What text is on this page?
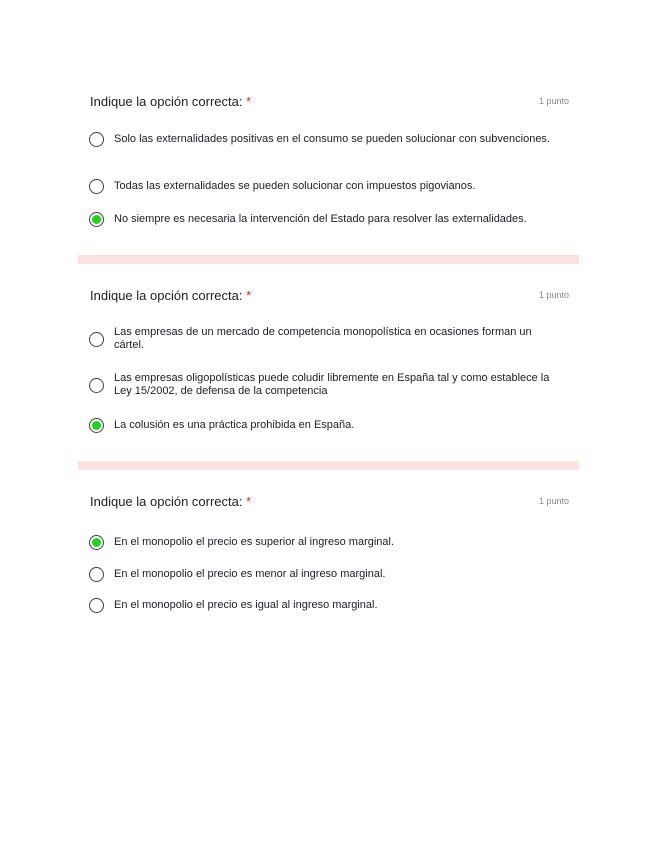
Indique la opción correcta: *	1 punto
Solo las externalidades positivas en el consumo se pueden solucionar con subvenciones.
Todas las externalidades se pueden solucionar con impuestos pigovianos.
No siempre es necesaria la intervención del Estado para resolver las externalidades.
Indique la opción correcta: *	1 punto
Las empresas de un mercado de competencia monopolística en ocasiones forman un cártel.
Las empresas oligopolísticas puede coludir libremente en España tal y como establece la Ley 15/2002, de defensa de la competencia
La colusión es una práctica prohibida en España.
Indique la opción correcta: *	1 punto
En el monopolio el precio es superior al ingreso marginal.
En el monopolio el precio es menor al ingreso marginal.
En el monopolio el precio es igual al ingreso marginal.
